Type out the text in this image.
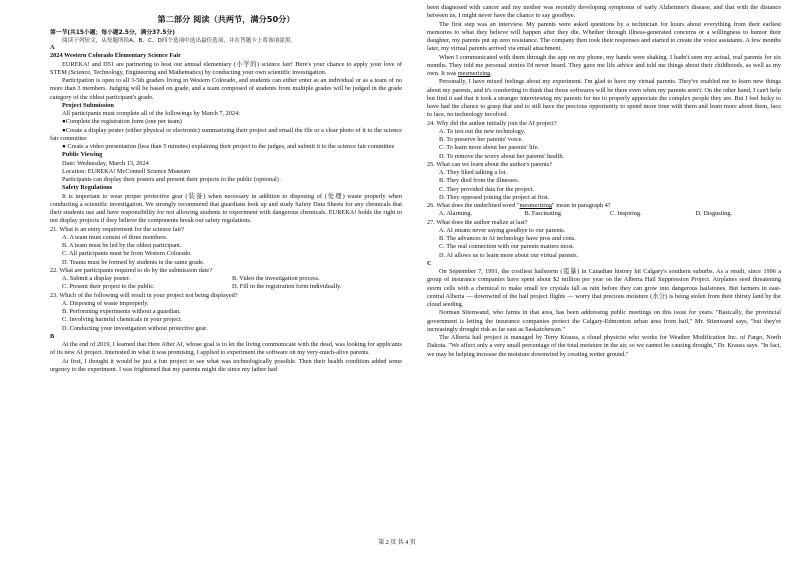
第二部分 阅读（共两节，满分50分）
第一节(共15小题；每小题2.5分，满分37.5分)
阅读下列短文，从每题所给A、B、C、D四个选项中选出最佳选项，并在答题卡上将该项涂黑。

A

2024 Western Colorado Elementary Science Fair

EUREKA! and D51 are partnering to host our annual elementary (小学的) science fair! Here's your chance to apply your love of STEM (Science, Technology, Engineering and Mathematics) by conducting your own scientific investigation.

Participation is open to all 3-5th graders living in Western Colorado, and students can either enter as an individual or as a team of no more than 3 members. Judging will be based on grade, and a team composed of students from multiple grades will be judged in the grade category of the oldest participant's grade.

Project Submission

All participants must complete all of the followings by March 7, 2024:

●Complete the registration form (one per team)

●Create a display poster (either physical or electronic) summarizing their project and email the file or a clear photo of it to the science fair committee

● Create a video presentation (less than 5 minutes) explaining their project to the judges, and submit it to the science fair committee

Public Viewing

Date: Wednesday, March 13, 2024

Location: EUREKA! McConnell Science Museum

Participants can display their posters and present their projects to the public (optional) .

Safety Regulations

It is important to wear proper protective gear (装备) when necessary in addition to disposing of (处理) waste properly when conducting a scientific investigation. We strongly recommend that guardians look up and study Safety Data Sheets for any chemicals that their students use and have responsibility for not allowing students to experiment with dangerous chemicals. EUREKA! holds the right to not display projects if they believe the components break our safety regulations.

21. What is an entry requirement for the science fair?

A. A team must consist of three members.

B. A team must be led by the oldest participant.

C. All participants must be from Western Colorado.

D. Teams must be formed by students in the same grade.

22. What are participants required to do by the submission date?

A. Submit a display poster.	B. Video the investigation process.
C. Present their project to the public.	D. Fill in the registration form individually.

23. Which of the following will result in your project not being displayed?

A. Disposing of waste improperly.

B. Performing experiments without a guardian.

C. Involving harmful chemicals in your project.

D. Conducting your investigation without protective gear.

B

At the end of 2019, I learned that Here After AI, whose goal is to let the living communicate with the dead, was looking for applicants of its new AI project. Interested in what it was promising, I applied to experiment the software on my very-much-alive parents.

At first, I thought it would be just a fun project to see what was technologically possible. Then their health condition added some urgency to the experiment. I was frightened that my parents might die since my father had

been diagnosed with cancer and my mother was recently developing symptoms of early Alzheimer's disease, and that with the distance between us, I might never have the chance to say goodbye.

The first step was an interview. My parents were asked questions by a technician for hours about everything from their earliest memories to what they believe will happen after they die. Whether through illness-generated concerns or a willingness to humor their daughter, my parents put up zero resistance. The company then took their responses and started to create the voice assistants. A few months later, my virtual parents arrived via email attachment.

When I communicated with them through the app on my phone, my hands were shaking. I hadn't seen my actual, real parents for six months. They told me personal stories I'd never heard. They gave me life advice and told me things about their childhoods, as well as my own. It was mesmerizing.

Personally, I have mixed feelings about my experiment. I'm glad to have my virtual parents. They've enabled me to learn new things about my parents, and it's comforting to think that those softwares will be there even when my parents aren't. On the other hand, I can't help but find it sad that it took a stranger interviewing my parents for me to properly appreciate the complex people they are. But I feel lucky to have had the chance to grasp that and to still have the precious opportunity to spend more time with them and learn more about them, face to face, no technology involved.

24. Why did the author initially join the AI project?

A. To test out the new technology.

B. To preserve her parents' voice.

C. To learn more about her parents' life.

D. To remove the worry about her parents' health.

25. What can we learn about the author's parents?

A. They liked talking a lot.

B. They died from the illnesses.

C. They provided data for the project.

D. They opposed joining the project at first.

26. What does the underlined word "mesmerizing" mean in paragraph 4?

A. Alarming.	B. Fascinating.	C. Inspiring.	D. Disgusting.

27. What does the author realize at last?

A. AI means never saying goodbye to our parents.

B. The advances in AI technology have pros and cons.

C. The real connection with our parents matters most.

D. AI allows us to learn more about our virtual parents.

C

On September 7, 1991, the costliest hailstorm (雹暴) in Canadian history hit Calgary's southern suburbs. As a result, since 1996 a group of insurance companies have spent about $2 million per year on the Alberta Hail Suppression Project. Airplanes seed threatening storm cells with a chemical to make small ice crystals fall as rain before they can grow into dangerous hailstones. But farmers in east-central Alberta — downwind of the hail project flights — worry that precious moisture (水分) is being stolen from their thirsty land by the cloud seeding.

Norman Stienwand, who farms in that area, has been addressing public meetings on this issue for years. "Basically, the provincial government is letting the insurance companies protect the Calgary-Edmonton urban area from hail," Mr. Stienwand says, "but they're increasingly drought risk as far east as Saskatchewan."

The Alberta hail project is managed by Terry Krauss, a cloud physicist who works for Weather Modification Inc. of Fargo, North Dakota. "We affect only a very small percentage of the total moisture in the air, so we cannot be causing drought," Dr. Krauss says. "In fact, we may be helping increase the moisture downwind by creating wetter ground."

第 2 页 共 4 页
